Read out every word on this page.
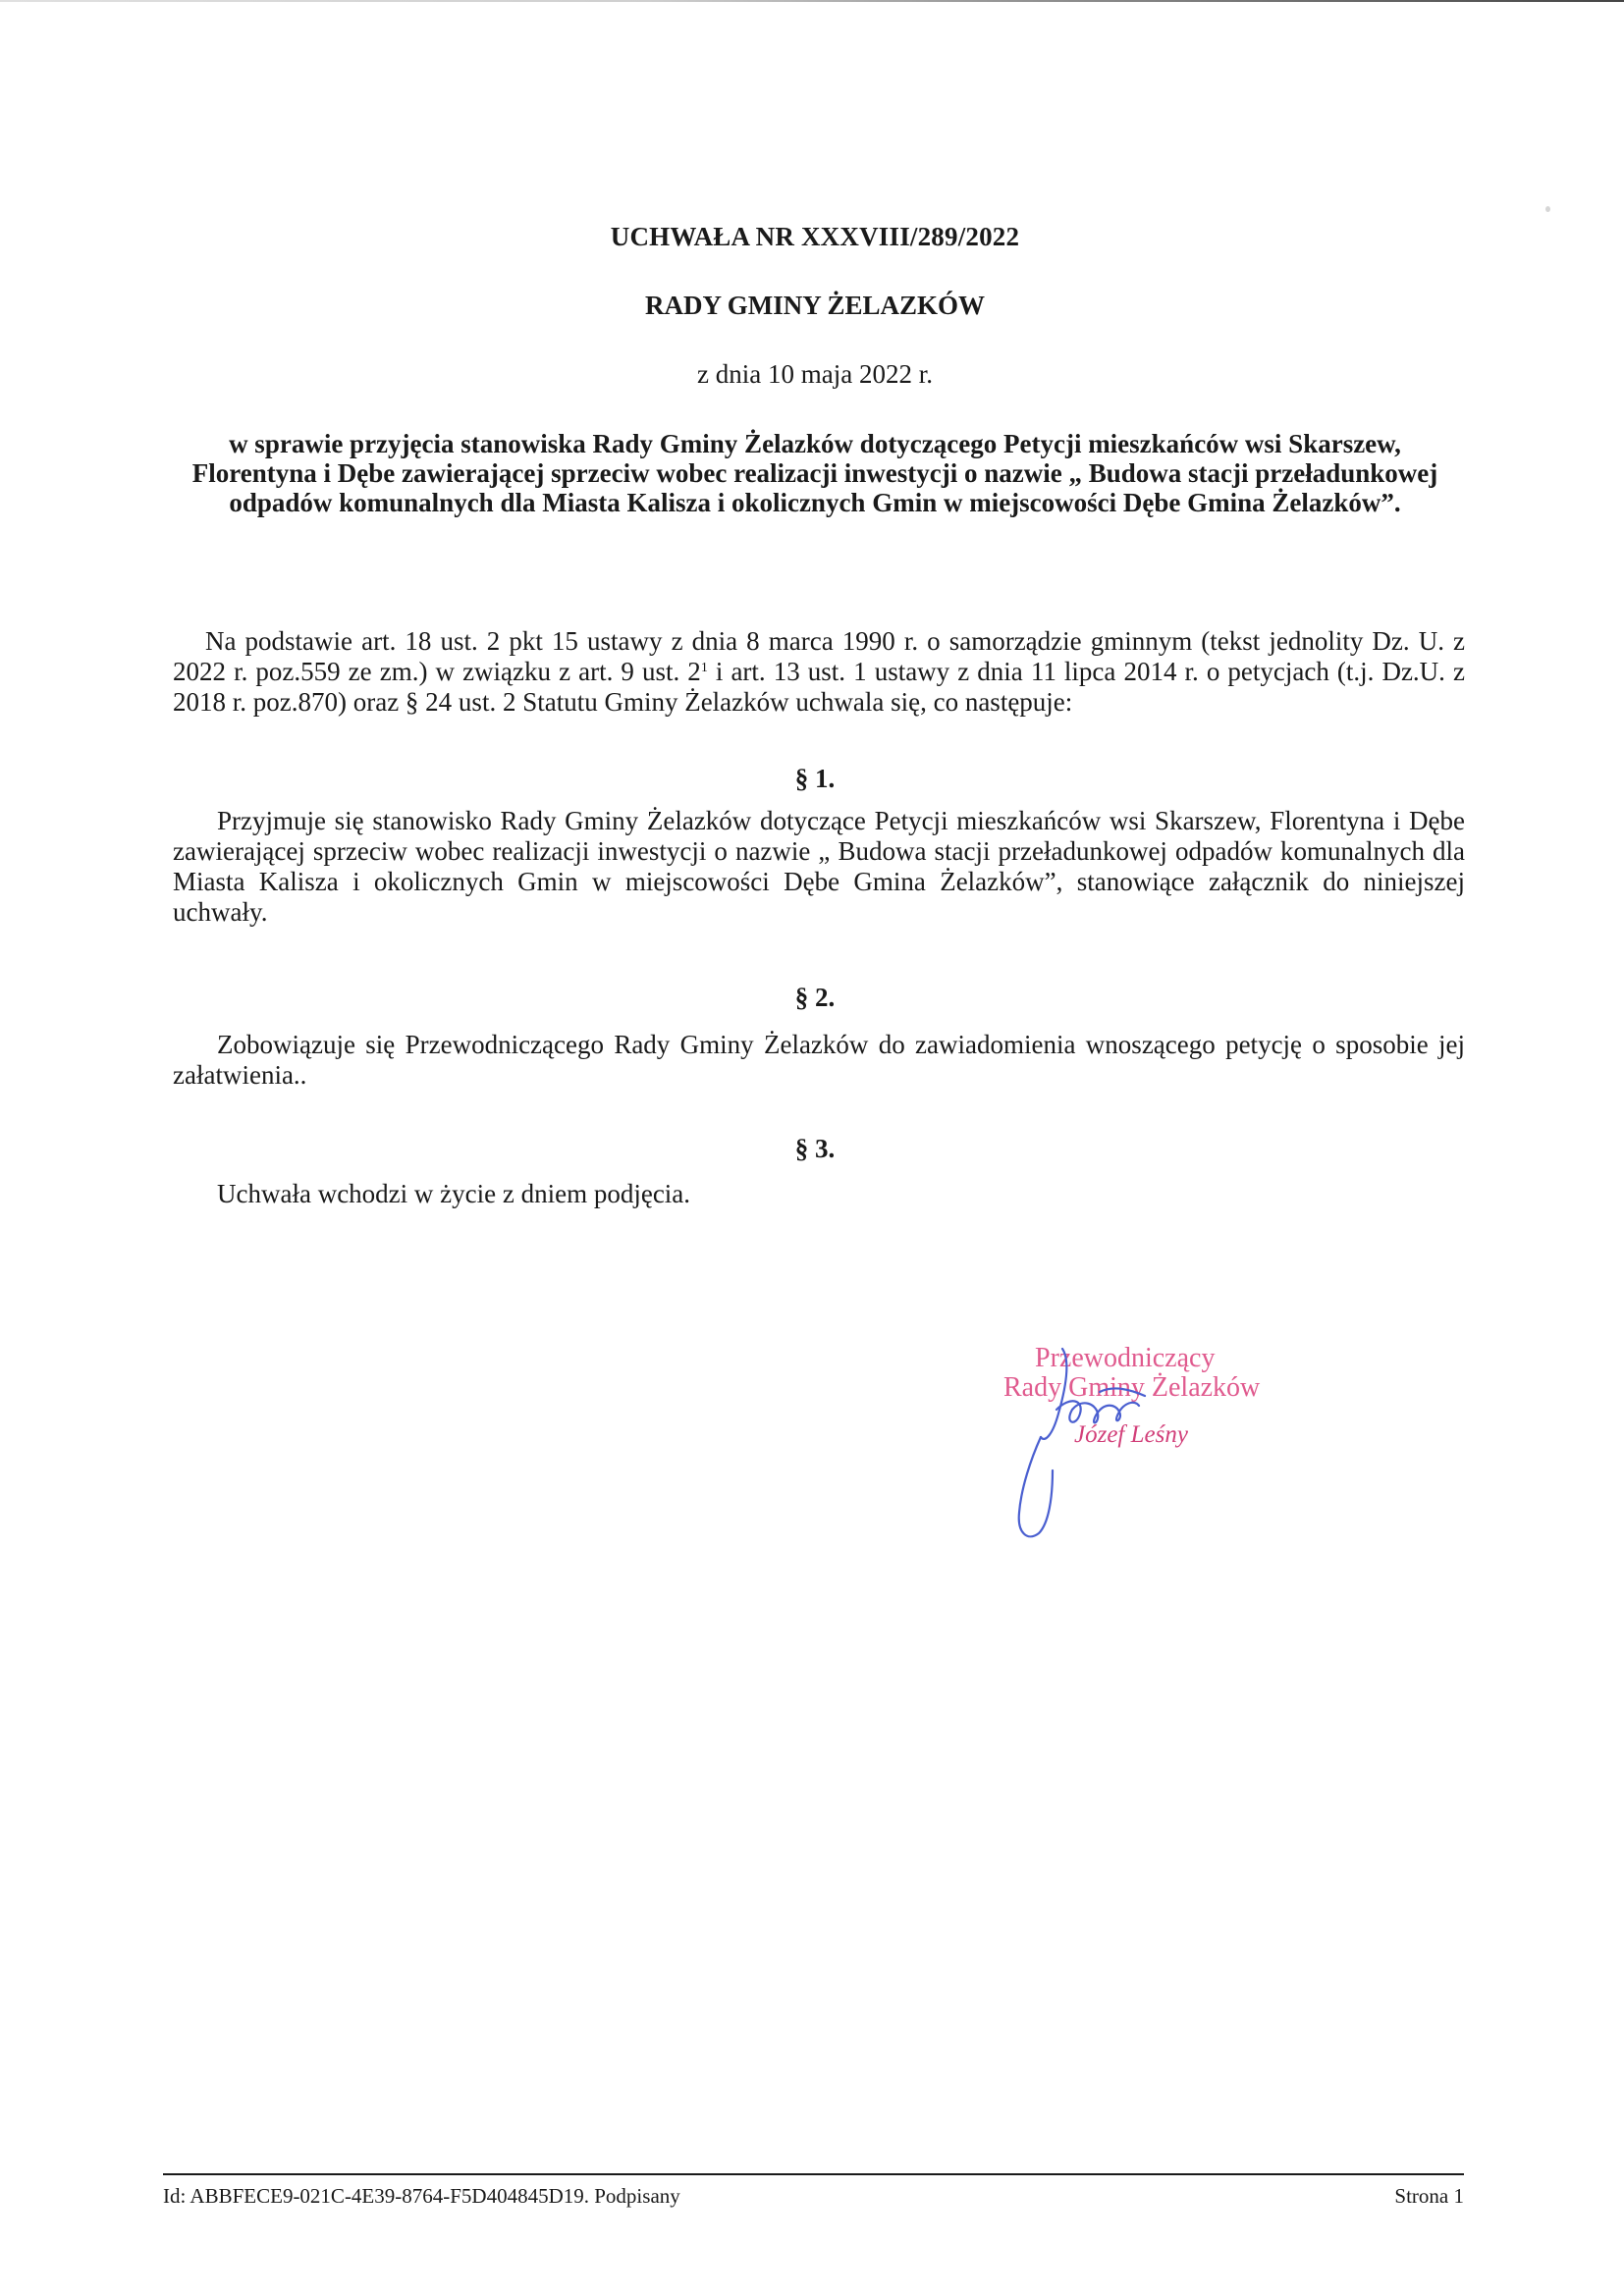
UCHWAŁA NR XXXVIII/289/2022
RADY GMINY ŻELAZKÓW
z dnia 10 maja 2022 r.
w sprawie przyjęcia stanowiska Rady Gminy Żelazków dotyczącego Petycji mieszkańców wsi Skarszew, Florentyna i Dębe zawierającej sprzeciw wobec realizacji inwestycji o nazwie „ Budowa stacji przeładunkowej odpadów komunalnych dla Miasta Kalisza i okolicznych Gmin w miejscowości Dębe Gmina Żelazków”.
Na podstawie art. 18 ust. 2 pkt 15 ustawy z dnia 8 marca 1990 r. o samorządzie gminnym (tekst jednolity Dz. U. z 2022 r. poz.559 ze zm.) w związku z art. 9 ust. $2^1$ i art. 13 ust. 1 ustawy z dnia 11 lipca 2014 r. o petycjach (t.j. Dz.U. z 2018 r. poz.870) oraz § 24 ust. 2 Statutu Gminy Żelazków uchwala się, co następuje:
§ 1.
Przyjmuje się stanowisko Rady Gminy Żelazków dotyczące Petycji mieszkańców wsi Skarszew, Florentyna i Dębe zawierającej sprzeciw wobec realizacji inwestycji o nazwie „ Budowa stacji przeładunkowej odpadów komunalnych dla Miasta Kalisza i okolicznych Gmin w miejscowości Dębe Gmina Żelazków”, stanowiące załącznik do niniejszej uchwały.
§ 2.
Zobowiązuje się Przewodniczącego Rady Gminy Żelazków do zawiadomienia wnoszącego petycję o sposobie jej załatwienia..
§ 3.
Uchwała wchodzi w życie z dniem podjęcia.
Przewodniczący
Rady Gminy Żelazków
Józef Leśny
Id: ABBFECE9-021C-4E39-8764-F5D404845D19. Podpisany	Strona 1
